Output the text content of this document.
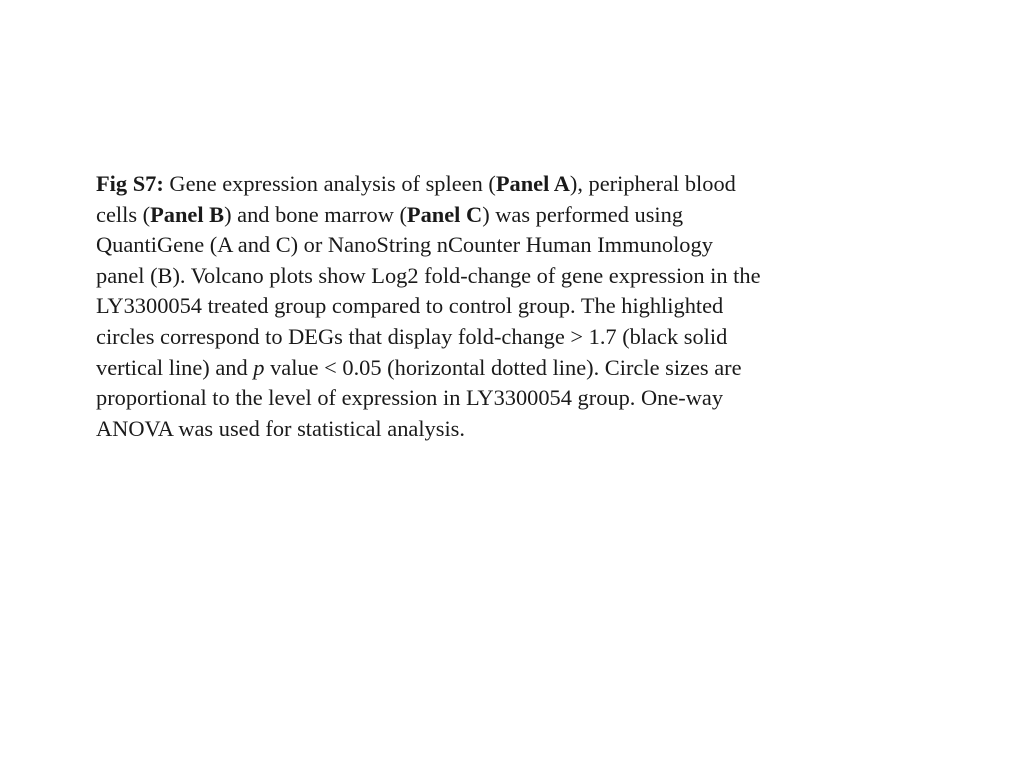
Fig S7: Gene expression analysis of spleen (Panel A), peripheral blood
cells (Panel B) and bone marrow (Panel C) was performed using
QuantiGene (A and C) or NanoString nCounter Human Immunology
panel (B). Volcano plots show Log2 fold-change of gene expression in the
LY3300054 treated group compared to control group. The highlighted
circles correspond to DEGs that display fold-change > 1.7 (black solid
vertical line) and p value < 0.05 (horizontal dotted line). Circle sizes are
proportional to the level of expression in LY3300054 group. One-way
ANOVA was used for statistical analysis.
